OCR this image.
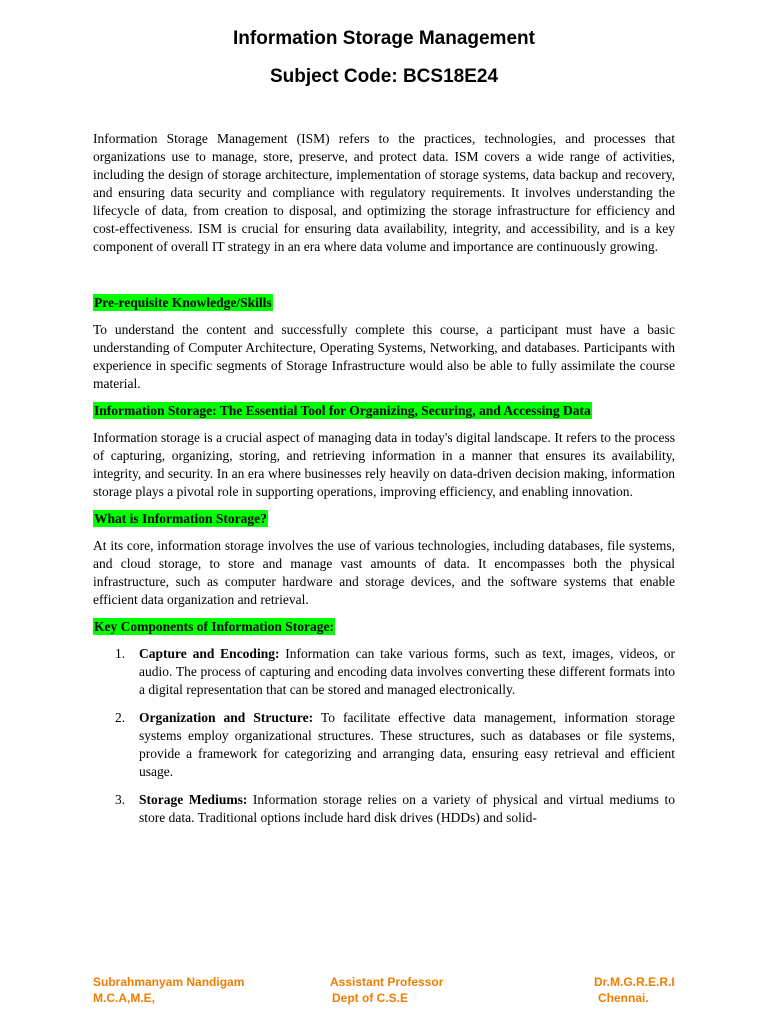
Information Storage Management
Subject Code: BCS18E24

Information Storage Management (ISM) refers to the practices, technologies, and processes that organizations use to manage, store, preserve, and protect data. ISM covers a wide range of activities, including the design of storage architecture, implementation of storage systems, data backup and recovery, and ensuring data security and compliance with regulatory requirements. It involves understanding the lifecycle of data, from creation to disposal, and optimizing the storage infrastructure for efficiency and cost-effectiveness. ISM is crucial for ensuring data availability, integrity, and accessibility, and is a key component of overall IT strategy in an era where data volume and importance are continuously growing.

Pre-requisite Knowledge/Skills

To understand the content and successfully complete this course, a participant must have a basic understanding of Computer Architecture, Operating Systems, Networking, and databases. Participants with experience in specific segments of Storage Infrastructure would also be able to fully assimilate the course material.

Information Storage: The Essential Tool for Organizing, Securing, and Accessing Data

Information storage is a crucial aspect of managing data in today's digital landscape. It refers to the process of capturing, organizing, storing, and retrieving information in a manner that ensures its availability, integrity, and security. In an era where businesses rely heavily on data-driven decision making, information storage plays a pivotal role in supporting operations, improving efficiency, and enabling innovation.

What is Information Storage?

At its core, information storage involves the use of various technologies, including databases, file systems, and cloud storage, to store and manage vast amounts of data. It encompasses both the physical infrastructure, such as computer hardware and storage devices, and the software systems that enable efficient data organization and retrieval.

Key Components of Information Storage:
1. Capture and Encoding: Information can take various forms, such as text, images, videos, or audio. The process of capturing and encoding data involves converting these different formats into a digital representation that can be stored and managed electronically.
2. Organization and Structure: To facilitate effective data management, information storage systems employ organizational structures. These structures, such as databases or file systems, provide a framework for categorizing and arranging data, ensuring easy retrieval and efficient usage.
3. Storage Mediums: Information storage relies on a variety of physical and virtual mediums to store data. Traditional options include hard disk drives (HDDs) and solid-
Subrahmanyam Nandigam
M.C.A,M.E,
Assistant Professor
Dept of C.S.E
Dr.M.G.R.E.R.I
Chennai.
